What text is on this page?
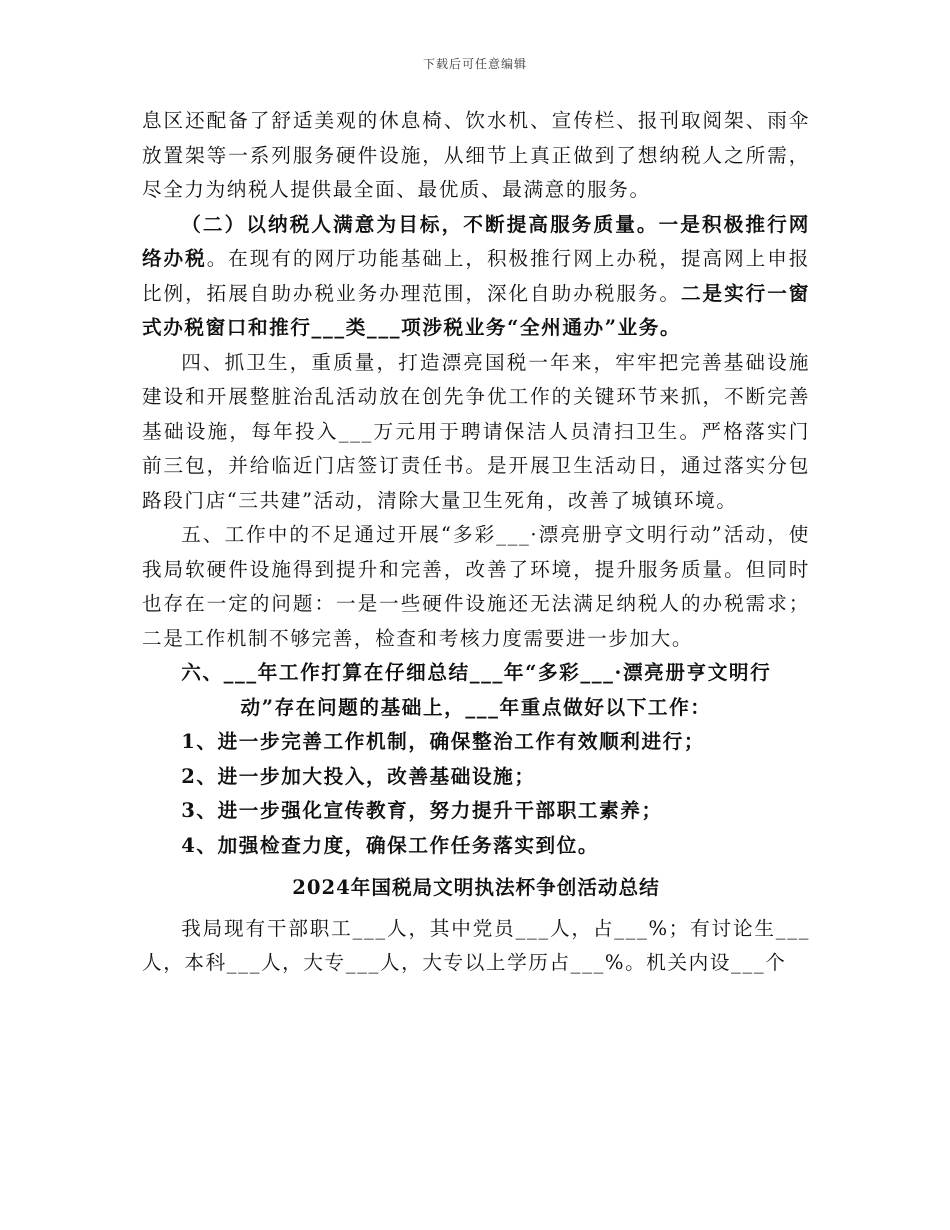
下载后可任意编辑

息区还配备了舒适美观的休息椅、饮水机、宣传栏、报刊取阅架、雨伞放置架等一系列服务硬件设施，从细节上真正做到了想纳税人之所需，尽全力为纳税人提供最全面、最优质、最满意的服务。

（二）以纳税人满意为目标，不断提高服务质量。一是积极推行网络办税。在现有的网厅功能基础上，积极推行网上办税，提高网上申报比例，拓展自助办税业务办理范围，深化自助办税服务。二是实行一窗式办税窗口和推行___类___项涉税业务“全州通办”业务。

四、抓卫生，重质量，打造漂亮国税一年来，牢牢把完善基础设施建设和开展整脏治乱活动放在创先争优工作的关键环节来抓，不断完善基础设施，每年投入___万元用于聘请保洁人员清扫卫生。严格落实门前三包，并给临近门店签订责任书。是开展卫生活动日，通过落实分包路段门店“三共建”活动，清除大量卫生死角，改善了城镇环境。

五、工作中的不足通过开展“多彩___·漂亮册亨文明行动”活动，使我局软硬件设施得到提升和完善，改善了环境，提升服务质量。但同时也存在一定的问题：一是一些硬件设施还无法满足纳税人的办税需求；二是工作机制不够完善，检查和考核力度需要进一步加大。

六、___年工作打算在仔细总结___年“多彩___·漂亮册亨文明行

动”存在问题的基础上，___年重点做好以下工作：

1、进一步完善工作机制，确保整治工作有效顺利进行；

2、进一步加大投入，改善基础设施；

3、进一步强化宣传教育，努力提升干部职工素养；

4、加强检查力度，确保工作任务落实到位。

2024年国税局文明执法杯争创活动总结

我局现有干部职工___人，其中党员___人，占___%；有讨论生___人，本科___人，大专___人，大专以上学历占___%。机关内设___个
